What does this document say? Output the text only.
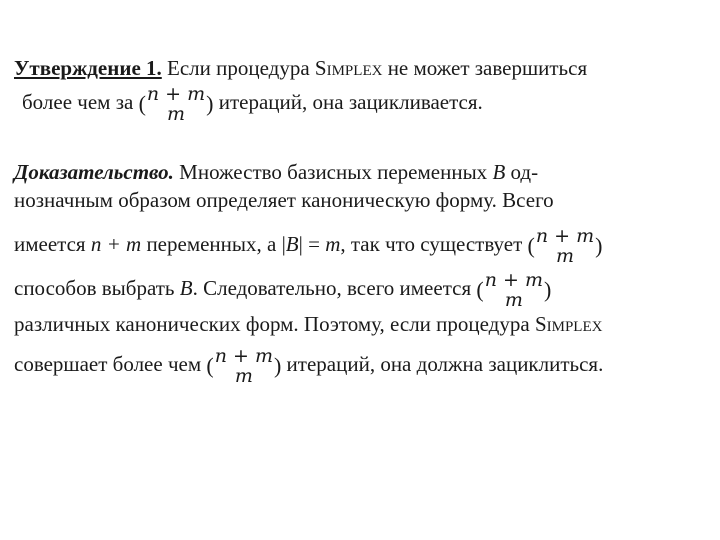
Утверждение 1. Если процедура Simplex не может завершиться
более чем за ( n + m
m ) итераций, она зацикливается.
Доказательство. Множество базисных переменных B од-
нозначным образом определяет каноническую форму. Всего
имеется n + m переменных, а |B| = m, так что существует ( n + m
m )
способов выбрать B. Следовательно, всего имеется ( n + m
m )
различных канонических форм. Поэтому, если процедура Simplex
совершает более чем ( n + m
m ) итераций, она должна зациклиться.
